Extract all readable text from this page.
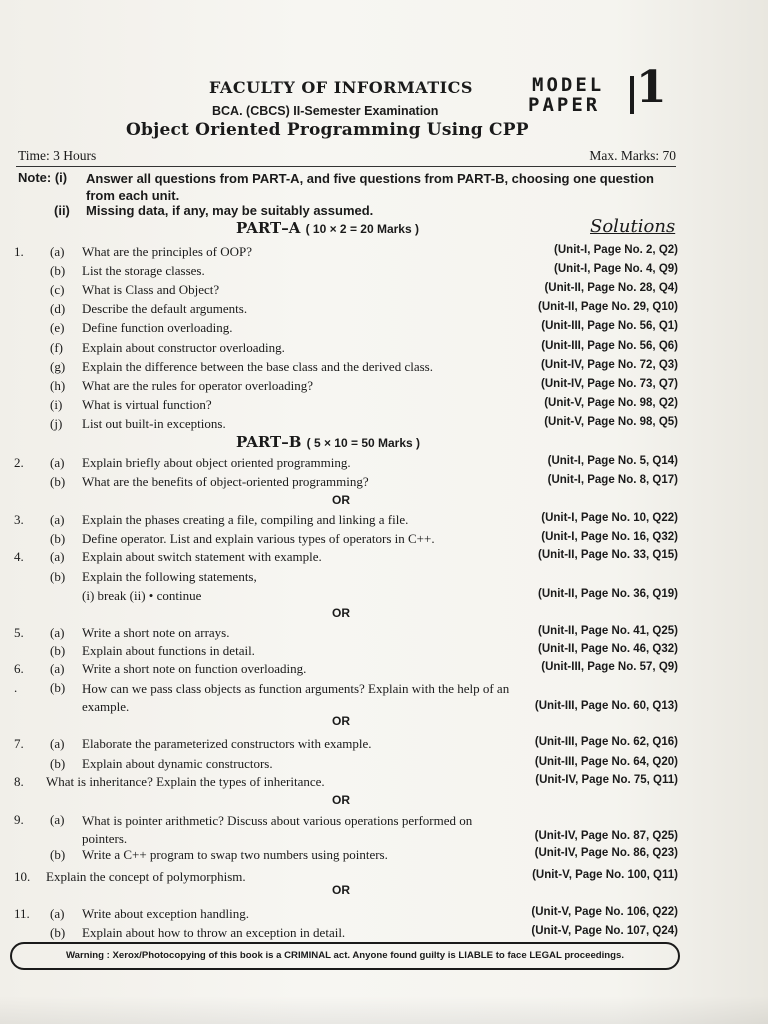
FACULTY OF INFORMATICS
BCA. (CBCS) II-Semester Examination
Object Oriented Programming Using CPP
MODEL
PAPER 1
Time: 3 Hours	Max. Marks: 70
Note: (i) Answer all questions from PART-A, and five questions from PART-B, choosing one question from each unit.
(ii) Missing data, if any, may be suitably assumed.
PART–A ( 10 × 2 = 20 Marks )	Solutions
1.	(a)	What are the principles of OOP?	(Unit-I, Page No. 2, Q2)
(b)	List the storage classes.	(Unit-I, Page No. 4, Q9)
(c)	What is Class and Object?	(Unit-II, Page No. 28, Q4)
(d)	Describe the default arguments.	(Unit-II, Page No. 29, Q10)
(e)	Define function overloading.	(Unit-III, Page No. 56, Q1)
(f)	Explain about constructor overloading.	(Unit-III, Page No. 56, Q6)
(g)	Explain the difference between the base class and the derived class.	(Unit-IV, Page No. 72, Q3)
(h)	What are the rules for operator overloading?	(Unit-IV, Page No. 73, Q7)
(i)	What is virtual function?	(Unit-V, Page No. 98, Q2)
(j)	List out built-in exceptions.	(Unit-V, Page No. 98, Q5)
PART–B ( 5 × 10 = 50 Marks )
2.	(a)	Explain briefly about object oriented programming.	(Unit-I, Page No. 5, Q14)
(b)	What are the benefits of object-oriented programming?	(Unit-I, Page No. 8, Q17)
3.	(a)	Explain the phases creating a file, compiling and linking a file.	(Unit-I, Page No. 10, Q22)
(b)	Define operator. List and explain various types of operators in C++.	(Unit-I, Page No. 16, Q32)
4.	(a)	Explain about switch statement with example.	(Unit-II, Page No. 33, Q15)
(b)	Explain the following statements,
(i) break (ii) • continue	(Unit-II, Page No. 36, Q19)
5.	(a)	Write a short note on arrays.	(Unit-II, Page No. 41, Q25)
(b)	Explain about functions in detail.	(Unit-II, Page No. 46, Q32)
6.	(a)	Write a short note on function overloading.	(Unit-III, Page No. 57, Q9)
.	(b)	How can we pass class objects as function arguments? Explain with the help of an example.	(Unit-III, Page No. 60, Q13)
7.	(a)	Elaborate the parameterized constructors with example.	(Unit-III, Page No. 62, Q16)
(b)	Explain about dynamic constructors.	(Unit-III, Page No. 64, Q20)
8.	What is inheritance? Explain the types of inheritance.	(Unit-IV, Page No. 75, Q11)
9.	(a)	What is pointer arithmetic? Discuss about various operations performed on pointers.	(Unit-IV, Page No. 87, Q25)
(b)	Write a C++ program to swap two numbers using pointers.	(Unit-IV, Page No. 86, Q23)
10. Explain the concept of polymorphism.	(Unit-V, Page No. 100, Q11)
11.	(a)	Write about exception handling.	(Unit-V, Page No. 106, Q22)
(b)	Explain about how to throw an exception in detail.	(Unit-V, Page No. 107, Q24)
OR
OR
OR
OR
OR
Warning : Xerox/Photocopying of this book is a CRIMINAL act. Anyone found guilty is LIABLE to face LEGAL proceedings.
